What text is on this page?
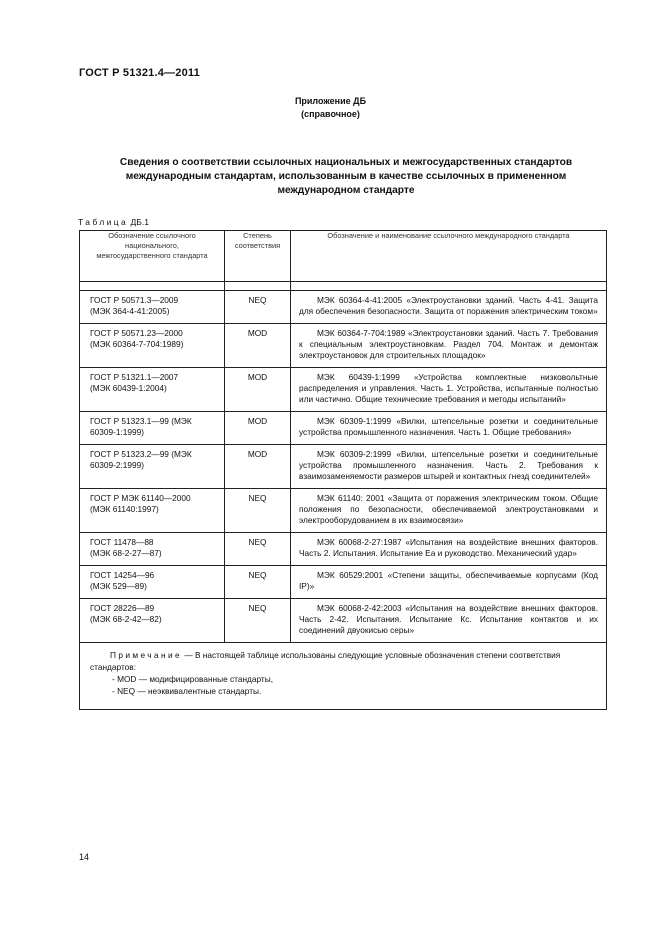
ГОСТ Р 51321.4—2011
Приложение ДБ
(справочное)
Сведения о соответствии ссылочных национальных и межгосударственных стандартов международным стандартам, использованным в качестве ссылочных в примененном международном стандарте
Таблица ДБ.1
Обозначение ссылочного национального, межгосударственного стандарта	Степень соответствия	Обозначение и наименование ссылочного международного стандарта

ГОСТ Р 50571.3—2009
(МЭК 364-4-41:2005)	NEQ	МЭК 60364-4-41:2005 «Электроустановки зданий. Часть 4-41. Защита для обеспечения безопасности. Защита от поражения электрическим током»

ГОСТ Р 50571.23—2000
(МЭК 60364-7-704:1989)	MOD	МЭК 60364-7-704:1989 «Электроустановки зданий. Часть 7. Требования к специальным электроустановкам. Раздел 704. Монтаж и демонтаж электроустановок для строительных площадок»

ГОСТ Р 51321.1—2007
(МЭК 60439-1:2004)	MOD	МЭК 60439-1:1999 «Устройства комплектные низковольтные распределения и управления. Часть 1. Устройства, испытанные полностью или частично. Общие технические требования и методы испытаний»

ГОСТ Р 51323.1—99 (МЭК
60309-1:1999)	MOD	МЭК 60309-1:1999 «Вилки, штепсельные розетки и соединительные устройства промышленного назначения. Часть 1. Общие требования»

ГОСТ Р 51323.2—99 (МЭК
60309-2:1999)	MOD	МЭК 60309-2:1999 «Вилки, штепсельные розетки и соединительные устройства промышленного назначения. Часть 2. Требования к взаимозаменяемости размеров штырей и контактных гнезд соединителей»

ГОСТ Р МЭК 61140—2000
(МЭК 61140:1997)	NEQ	МЭК 61140: 2001 «Защита от поражения электрическим током. Общие положения по безопасности, обеспечиваемой электроустановками и электрооборудованием в их взаимосвязи»

ГОСТ 11478—88
(МЭК 68-2-27—87)	NEQ	МЭК 60068-2-27:1987 «Испытания на воздействие внешних факторов. Часть 2. Испытания. Испытание Еа и руководство. Механический удар»

ГОСТ 14254—96
(МЭК 529—89)	NEQ	МЭК 60529:2001 «Степени защиты, обеспечиваемые корпусами (Код IP)»

ГОСТ 28226—89
(МЭК 68-2-42—82)	NEQ	МЭК 60068-2-42:2003 «Испытания на воздействие внешних факторов. Часть 2-42. Испытания. Испытание Кс. Испытание контактов и их соединений двуокисью серы»

Примечание — В настоящей таблице использованы следующие условные обозначения степени соответствия стандартов:
- MOD — модифицированные стандарты,
- NEQ — неэквивалентные стандарты.		
14
